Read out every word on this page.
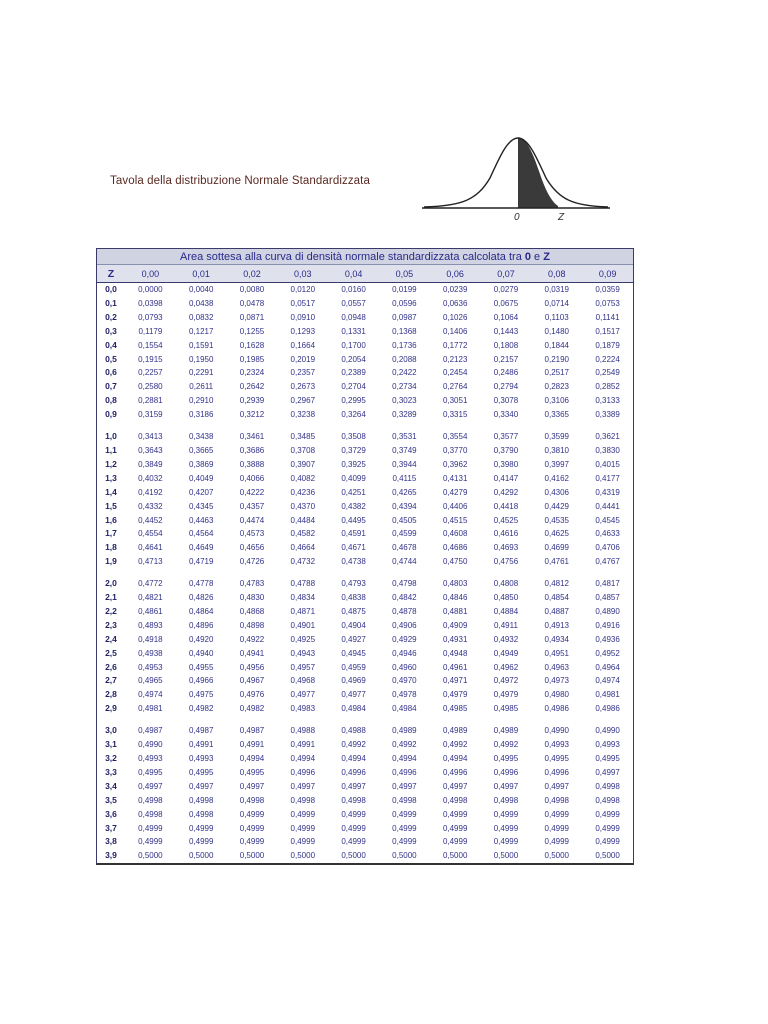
Tavola della distribuzione Normale Standardizzata
0	Z
Area sottesa alla curva di densità normale standardizzata calcolata tra 0 e Z										
Z	0,00	0,01	0,02	0,03	0,04	0,05	0,06	0,07	0,08	0,09
0,0	0,0000	0,0040	0,0080	0,0120	0,0160	0,0199	0,0239	0,0279	0,0319	0,0359
0,1	0,0398	0,0438	0,0478	0,0517	0,0557	0,0596	0,0636	0,0675	0,0714	0,0753
0,2	0,0793	0,0832	0,0871	0,0910	0,0948	0,0987	0,1026	0,1064	0,1103	0,1141
0,3	0,1179	0,1217	0,1255	0,1293	0,1331	0,1368	0,1406	0,1443	0,1480	0,1517
0,4	0,1554	0,1591	0,1628	0,1664	0,1700	0,1736	0,1772	0,1808	0,1844	0,1879
0,5	0,1915	0,1950	0,1985	0,2019	0,2054	0,2088	0,2123	0,2157	0,2190	0,2224
0,6	0,2257	0,2291	0,2324	0,2357	0,2389	0,2422	0,2454	0,2486	0,2517	0,2549
0,7	0,2580	0,2611	0,2642	0,2673	0,2704	0,2734	0,2764	0,2794	0,2823	0,2852
0,8	0,2881	0,2910	0,2939	0,2967	0,2995	0,3023	0,3051	0,3078	0,3106	0,3133
0,9	0,3159	0,3186	0,3212	0,3238	0,3264	0,3289	0,3315	0,3340	0,3365	0,3389
1,0	0,3413	0,3438	0,3461	0,3485	0,3508	0,3531	0,3554	0,3577	0,3599	0,3621
1,1	0,3643	0,3665	0,3686	0,3708	0,3729	0,3749	0,3770	0,3790	0,3810	0,3830
1,2	0,3849	0,3869	0,3888	0,3907	0,3925	0,3944	0,3962	0,3980	0,3997	0,4015
1,3	0,4032	0,4049	0,4066	0,4082	0,4099	0,4115	0,4131	0,4147	0,4162	0,4177
1,4	0,4192	0,4207	0,4222	0,4236	0,4251	0,4265	0,4279	0,4292	0,4306	0,4319
1,5	0,4332	0,4345	0,4357	0,4370	0,4382	0,4394	0,4406	0,4418	0,4429	0,4441
1,6	0,4452	0,4463	0,4474	0,4484	0,4495	0,4505	0,4515	0,4525	0,4535	0,4545
1,7	0,4554	0,4564	0,4573	0,4582	0,4591	0,4599	0,4608	0,4616	0,4625	0,4633
1,8	0,4641	0,4649	0,4656	0,4664	0,4671	0,4678	0,4686	0,4693	0,4699	0,4706
1,9	0,4713	0,4719	0,4726	0,4732	0,4738	0,4744	0,4750	0,4756	0,4761	0,4767
2,0	0,4772	0,4778	0,4783	0,4788	0,4793	0,4798	0,4803	0,4808	0,4812	0,4817
2,1	0,4821	0,4826	0,4830	0,4834	0,4838	0,4842	0,4846	0,4850	0,4854	0,4857
2,2	0,4861	0,4864	0,4868	0,4871	0,4875	0,4878	0,4881	0,4884	0,4887	0,4890
2,3	0,4893	0,4896	0,4898	0,4901	0,4904	0,4906	0,4909	0,4911	0,4913	0,4916
2,4	0,4918	0,4920	0,4922	0,4925	0,4927	0,4929	0,4931	0,4932	0,4934	0,4936
2,5	0,4938	0,4940	0,4941	0,4943	0,4945	0,4946	0,4948	0,4949	0,4951	0,4952
2,6	0,4953	0,4955	0,4956	0,4957	0,4959	0,4960	0,4961	0,4962	0,4963	0,4964
2,7	0,4965	0,4966	0,4967	0,4968	0,4969	0,4970	0,4971	0,4972	0,4973	0,4974
2,8	0,4974	0,4975	0,4976	0,4977	0,4977	0,4978	0,4979	0,4979	0,4980	0,4981
2,9	0,4981	0,4982	0,4982	0,4983	0,4984	0,4984	0,4985	0,4985	0,4986	0,4986
3,0	0,4987	0,4987	0,4987	0,4988	0,4988	0,4989	0,4989	0,4989	0,4990	0,4990
3,1	0,4990	0,4991	0,4991	0,4991	0,4992	0,4992	0,4992	0,4992	0,4993	0,4993
3,2	0,4993	0,4993	0,4994	0,4994	0,4994	0,4994	0,4994	0,4995	0,4995	0,4995
3,3	0,4995	0,4995	0,4995	0,4996	0,4996	0,4996	0,4996	0,4996	0,4996	0,4997
3,4	0,4997	0,4997	0,4997	0,4997	0,4997	0,4997	0,4997	0,4997	0,4997	0,4998
3,5	0,4998	0,4998	0,4998	0,4998	0,4998	0,4998	0,4998	0,4998	0,4998	0,4998
3,6	0,4998	0,4998	0,4999	0,4999	0,4999	0,4999	0,4999	0,4999	0,4999	0,4999
3,7	0,4999	0,4999	0,4999	0,4999	0,4999	0,4999	0,4999	0,4999	0,4999	0,4999
3,8	0,4999	0,4999	0,4999	0,4999	0,4999	0,4999	0,4999	0,4999	0,4999	0,4999
3,9	0,5000	0,5000	0,5000	0,5000	0,5000	0,5000	0,5000	0,5000	0,5000	0,5000
